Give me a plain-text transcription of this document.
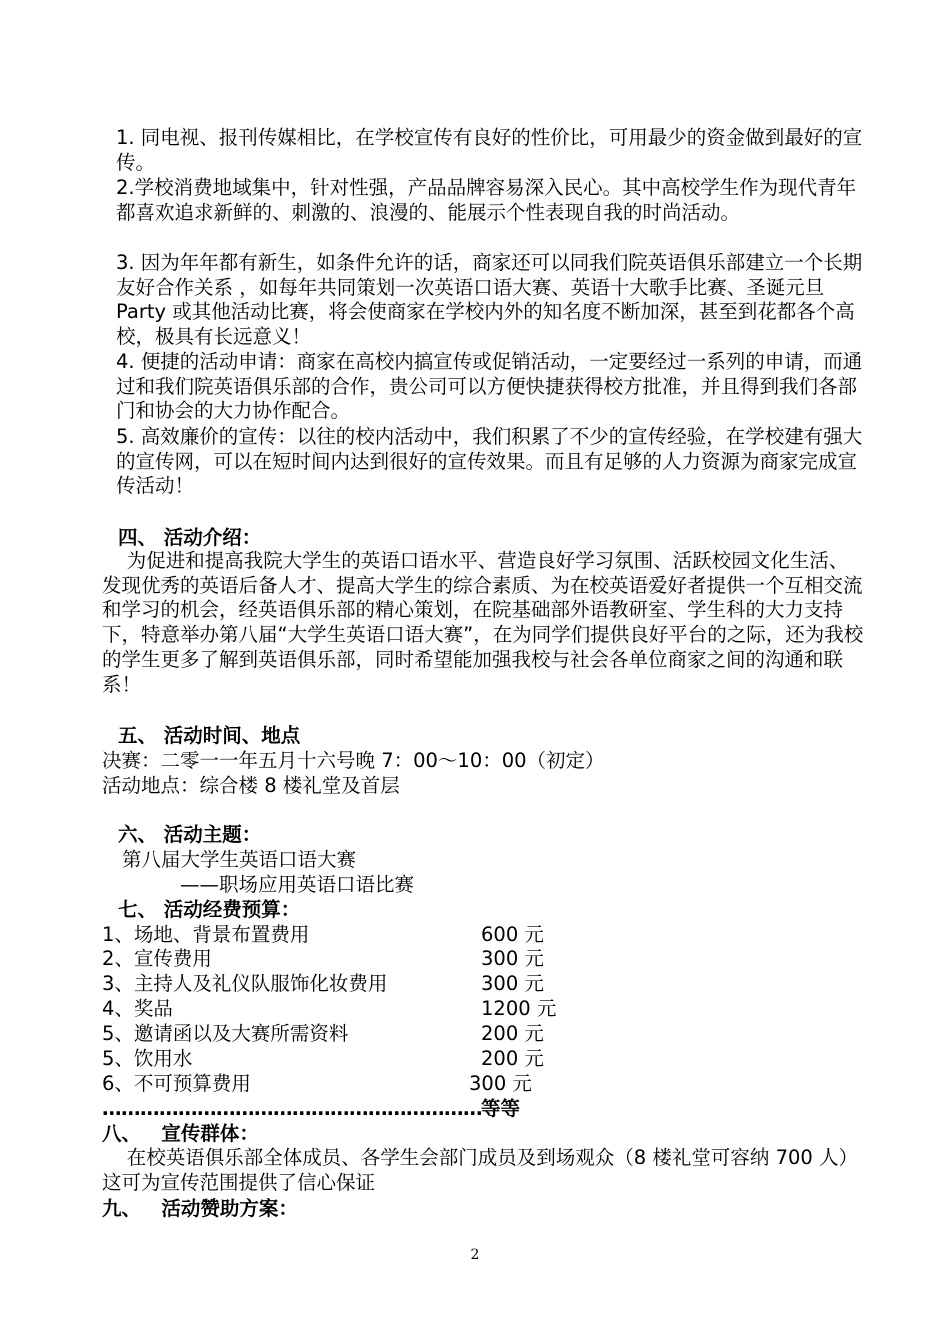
1. 同电视、报刊传媒相比，在学校宣传有良好的性价比，可用最少的资金做到最好的宣传。
2.学校消费地域集中，针对性强，产品品牌容易深入民心。其中高校学生作为现代青年都喜欢追求新鲜的、刺激的、浪漫的、能展示个性表现自我的时尚活动。
3. 因为年年都有新生，如条件允许的话，商家还可以同我们院英语俱乐部建立一个长期友好合作关系 ，如每年共同策划一次英语口语大赛、英语十大歌手比赛、圣诞元旦 Party 或其他活动比赛，将会使商家在学校内外的知名度不断加深，甚至到花都各个高校，极具有长远意义！
4. 便捷的活动申请：商家在高校内搞宣传或促销活动，一定要经过一系列的申请，而通过和我们院英语俱乐部的合作，贵公司可以方便快捷获得校方批准，并且得到我们各部门和协会的大力协作配合。
5. 高效廉价的宣传：以往的校内活动中，我们积累了不少的宣传经验，在学校建有强大的宣传网，可以在短时间内达到很好的宣传效果。而且有足够的人力资源为商家完成宣传活动！
四、 活动介绍：
为促进和提高我院大学生的英语口语水平、营造良好学习氛围、活跃校园文化生活、发现优秀的英语后备人才、提高大学生的综合素质、为在校英语爱好者提供一个互相交流和学习的机会，经英语俱乐部的精心策划，在院基础部外语教研室、学生科的大力支持下，特意举办第八届“大学生英语口语大赛”，在为同学们提供良好平台的之际，还为我校的学生更多了解到英语俱乐部，同时希望能加强我校与社会各单位商家之间的沟通和联系！
五、 活动时间、地点
决赛：二零一一年五月十六号晚 7：00～10：00（初定）
活动地点：综合楼 8 楼礼堂及首层
六、 活动主题：
第八届大学生英语口语大赛
——职场应用英语口语比赛
七、 活动经费预算：
1、场地、背景布置费用	600 元
2、宣传费用	300 元
3、主持人及礼仪队服饰化妆费用	300 元
4、奖品	1200 元
5、邀请函以及大赛所需资料	200 元
5、饮用水	200 元
6、不可预算费用	300 元
…………………………………………………… 等等
八、   宣传群体：
在校英语俱乐部全体成员、各学生会部门成员及到场观众（8 楼礼堂可容纳 700 人）这可为宣传范围提供了信心保证
九、   活动赞助方案：
2
